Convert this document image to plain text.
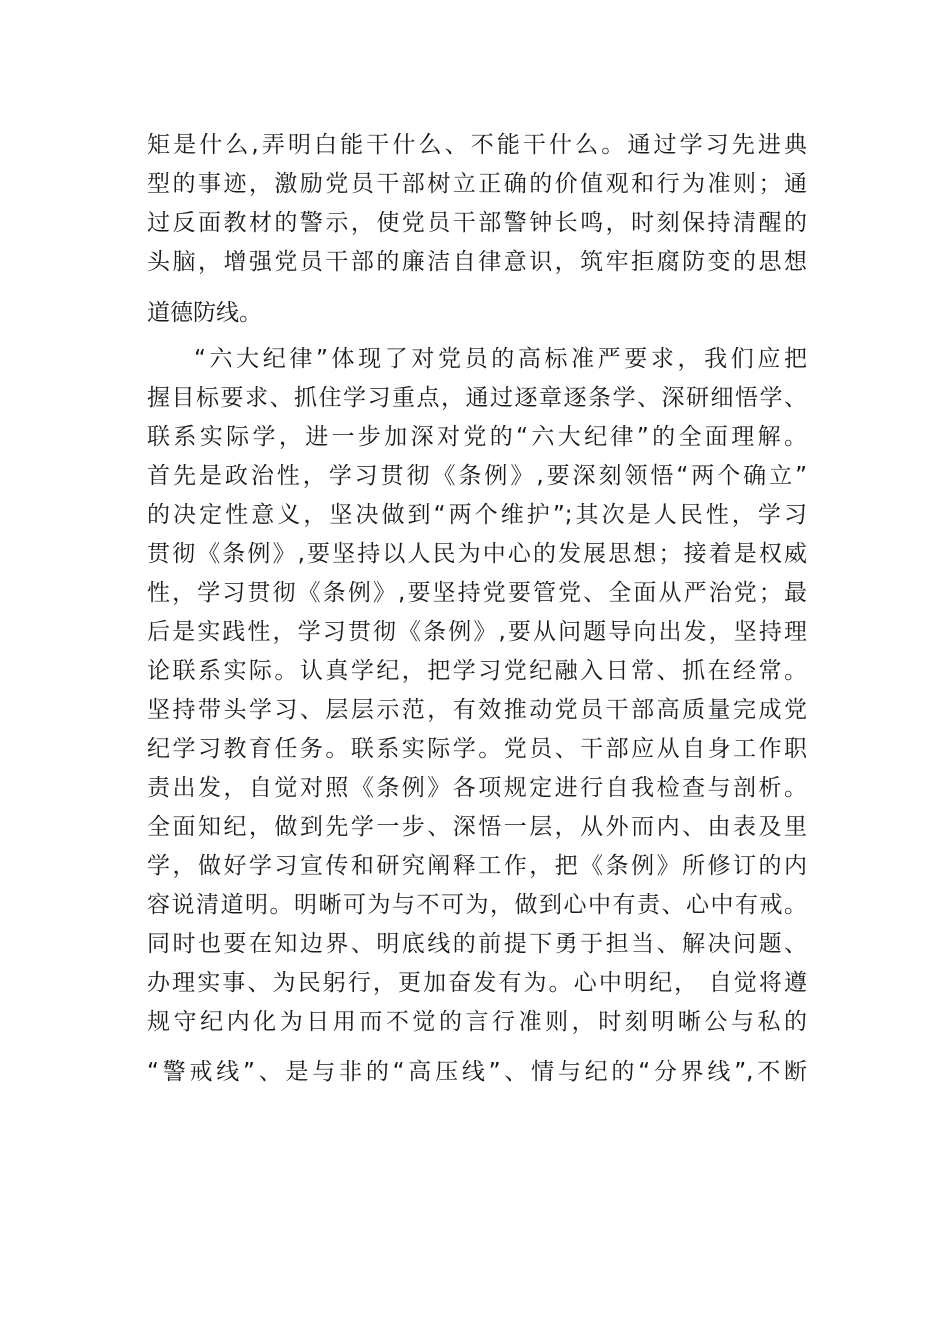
矩是什么,弄明白能干什么、不能干什么。通过学习先进典
型的事迹，激励党员干部树立正确的价值观和行为准则；通
过反面教材的警示，使党员干部警钟长鸣，时刻保持清醒的
头脑，增强党员干部的廉洁自律意识，筑牢拒腐防变的思想
道德防线。
“六大纪律”体现了对党员的高标准严要求，我们应把
握目标要求、抓住学习重点，通过逐章逐条学、深研细悟学、
联系实际学，进一步加深对党的“六大纪律”的全面理解。
首先是政治性，学习贯彻《条例》,要深刻领悟“两个确立”
的决定性意义，坚决做到“两个维护”;其次是人民性，学习
贯彻《条例》,要坚持以人民为中心的发展思想；接着是权威
性，学习贯彻《条例》,要坚持党要管党、全面从严治党；最
后是实践性，学习贯彻《条例》,要从问题导向出发，坚持理
论联系实际。认真学纪，把学习党纪融入日常、抓在经常。
坚持带头学习、层层示范，有效推动党员干部高质量完成党
纪学习教育任务。联系实际学。党员、干部应从自身工作职
责出发，自觉对照《条例》各项规定进行自我检查与剖析。
全面知纪，做到先学一步、深悟一层，从外而内、由表及里
学，做好学习宣传和研究阐释工作，把《条例》所修订的内
容说清道明。明晰可为与不可为，做到心中有责、心中有戒。
同时也要在知边界、明底线的前提下勇于担当、解决问题、
办理实事、为民躬行，更加奋发有为。心中明纪， 自觉将遵
规守纪内化为日用而不觉的言行准则，时刻明晰公与私的
“警戒线”、是与非的“高压线”、情与纪的“分界线”,不断
